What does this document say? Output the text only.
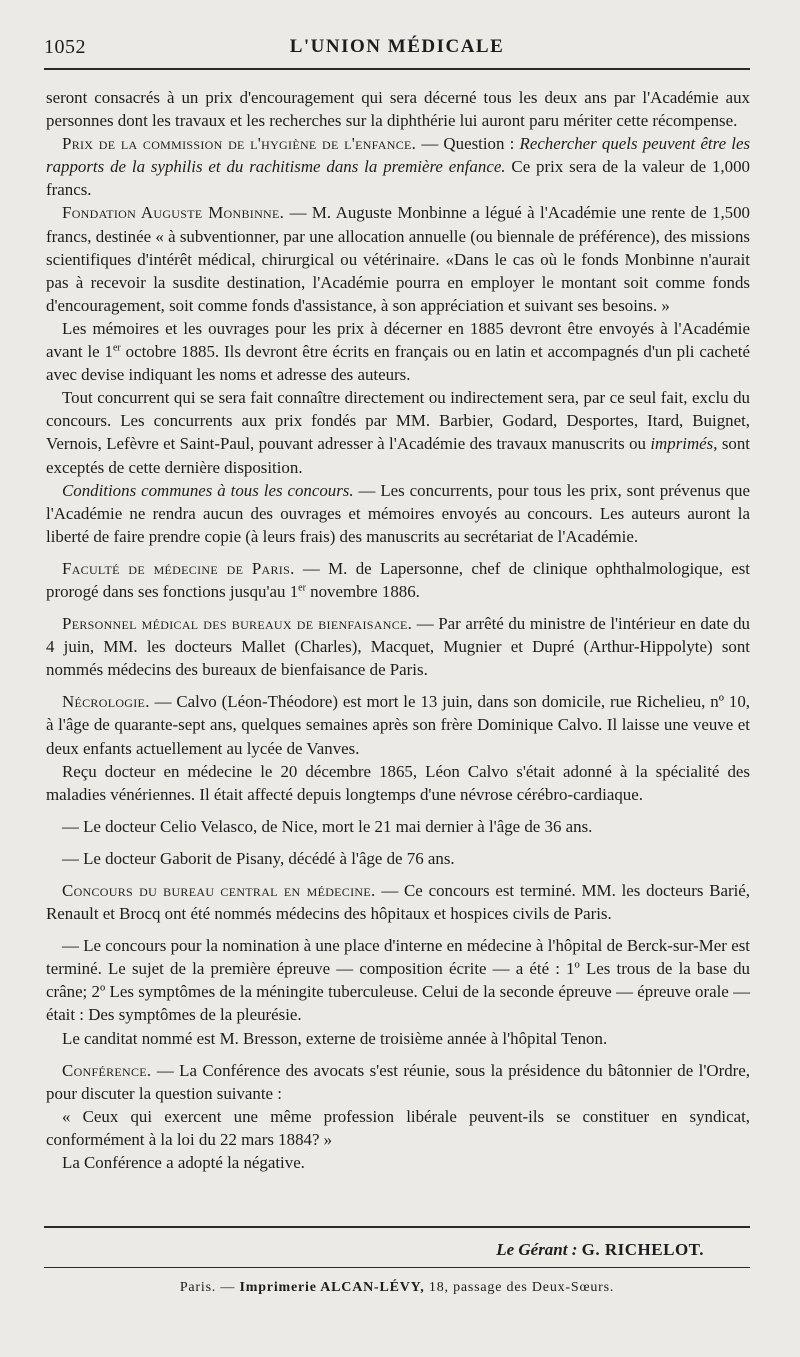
1052	L'UNION MÉDICALE

seront consacrés à un prix d'encouragement qui sera décerné tous les deux ans par l'Académie aux personnes dont les travaux et les recherches sur la diphthérie lui auront paru mériter cette récompense.

Prix de la commission de l'hygiène de l'enfance. — Question : Rechercher quels peuvent être les rapports de la syphilis et du rachitisme dans la première enfance. Ce prix sera de la valeur de 1,000 francs.

Fondation Auguste Monbinne. — M. Auguste Monbinne a légué à l'Académie une rente de 1,500 francs, destinée « à subventionner, par une allocation annuelle (ou biennale de préférence), des missions scientifiques d'intérêt médical, chirurgical ou vétérinaire. «Dans le cas où le fonds Monbinne n'aurait pas à recevoir la susdite destination, l'Académie pourra en employer le montant soit comme fonds d'encouragement, soit comme fonds d'assistance, à son appréciation et suivant ses besoins. »

Les mémoires et les ouvrages pour les prix à décerner en 1885 devront être envoyés à l'Académie avant le 1er octobre 1885. Ils devront être écrits en français ou en latin et accompagnés d'un pli cacheté avec devise indiquant les noms et adresse des auteurs.

Tout concurrent qui se sera fait connaître directement ou indirectement sera, par ce seul fait, exclu du concours. Les concurrents aux prix fondés par MM. Barbier, Godard, Desportes, Itard, Buignet, Vernois, Lefèvre et Saint-Paul, pouvant adresser à l'Académie des travaux manuscrits ou imprimés, sont exceptés de cette dernière disposition.

Conditions communes à tous les concours. — Les concurrents, pour tous les prix, sont prévenus que l'Académie ne rendra aucun des ouvrages et mémoires envoyés au concours. Les auteurs auront la liberté de faire prendre copie (à leurs frais) des manuscrits au secrétariat de l'Académie.

Faculté de médecine de Paris. — M. de Lapersonne, chef de clinique ophthalmologique, est prorogé dans ses fonctions jusqu'au 1er novembre 1886.

Personnel médical des bureaux de bienfaisance. — Par arrêté du ministre de l'intérieur en date du 4 juin, MM. les docteurs Mallet (Charles), Macquet, Mugnier et Dupré (Arthur-Hippolyte) sont nommés médecins des bureaux de bienfaisance de Paris.

Nécrologie. — Calvo (Léon-Théodore) est mort le 13 juin, dans son domicile, rue Richelieu, nº 10, à l'âge de quarante-sept ans, quelques semaines après son frère Dominique Calvo. Il laisse une veuve et deux enfants actuellement au lycée de Vanves.

Reçu docteur en médecine le 20 décembre 1865, Léon Calvo s'était adonné à la spécialité des maladies vénériennes. Il était affecté depuis longtemps d'une névrose cérébro-cardiaque.

— Le docteur Celio Velasco, de Nice, mort le 21 mai dernier à l'âge de 36 ans.

— Le docteur Gaborit de Pisany, décédé à l'âge de 76 ans.

Concours du bureau central en médecine. — Ce concours est terminé. MM. les docteurs Barié, Renault et Brocq ont été nommés médecins des hôpitaux et hospices civils de Paris.

— Le concours pour la nomination à une place d'interne en médecine à l'hôpital de Berck-sur-Mer est terminé. Le sujet de la première épreuve — composition écrite — a été : 1º Les trous de la base du crâne; 2º Les symptômes de la méningite tuberculeuse. Celui de la seconde épreuve — épreuve orale — était : Des symptômes de la pleurésie.

Le canditat nommé est M. Bresson, externe de troisième année à l'hôpital Tenon.

Conférence. — La Conférence des avocats s'est réunie, sous la présidence du bâtonnier de l'Ordre, pour discuter la question suivante :

« Ceux qui exercent une même profession libérale peuvent-ils se constituer en syndicat, conformément à la loi du 22 mars 1884? »

La Conférence a adopté la négative.

Le Gérant : G. RICHELOT.
Paris. — Imprimerie ALCAN-LÉVY, 18, passage des Deux-Sœurs.
